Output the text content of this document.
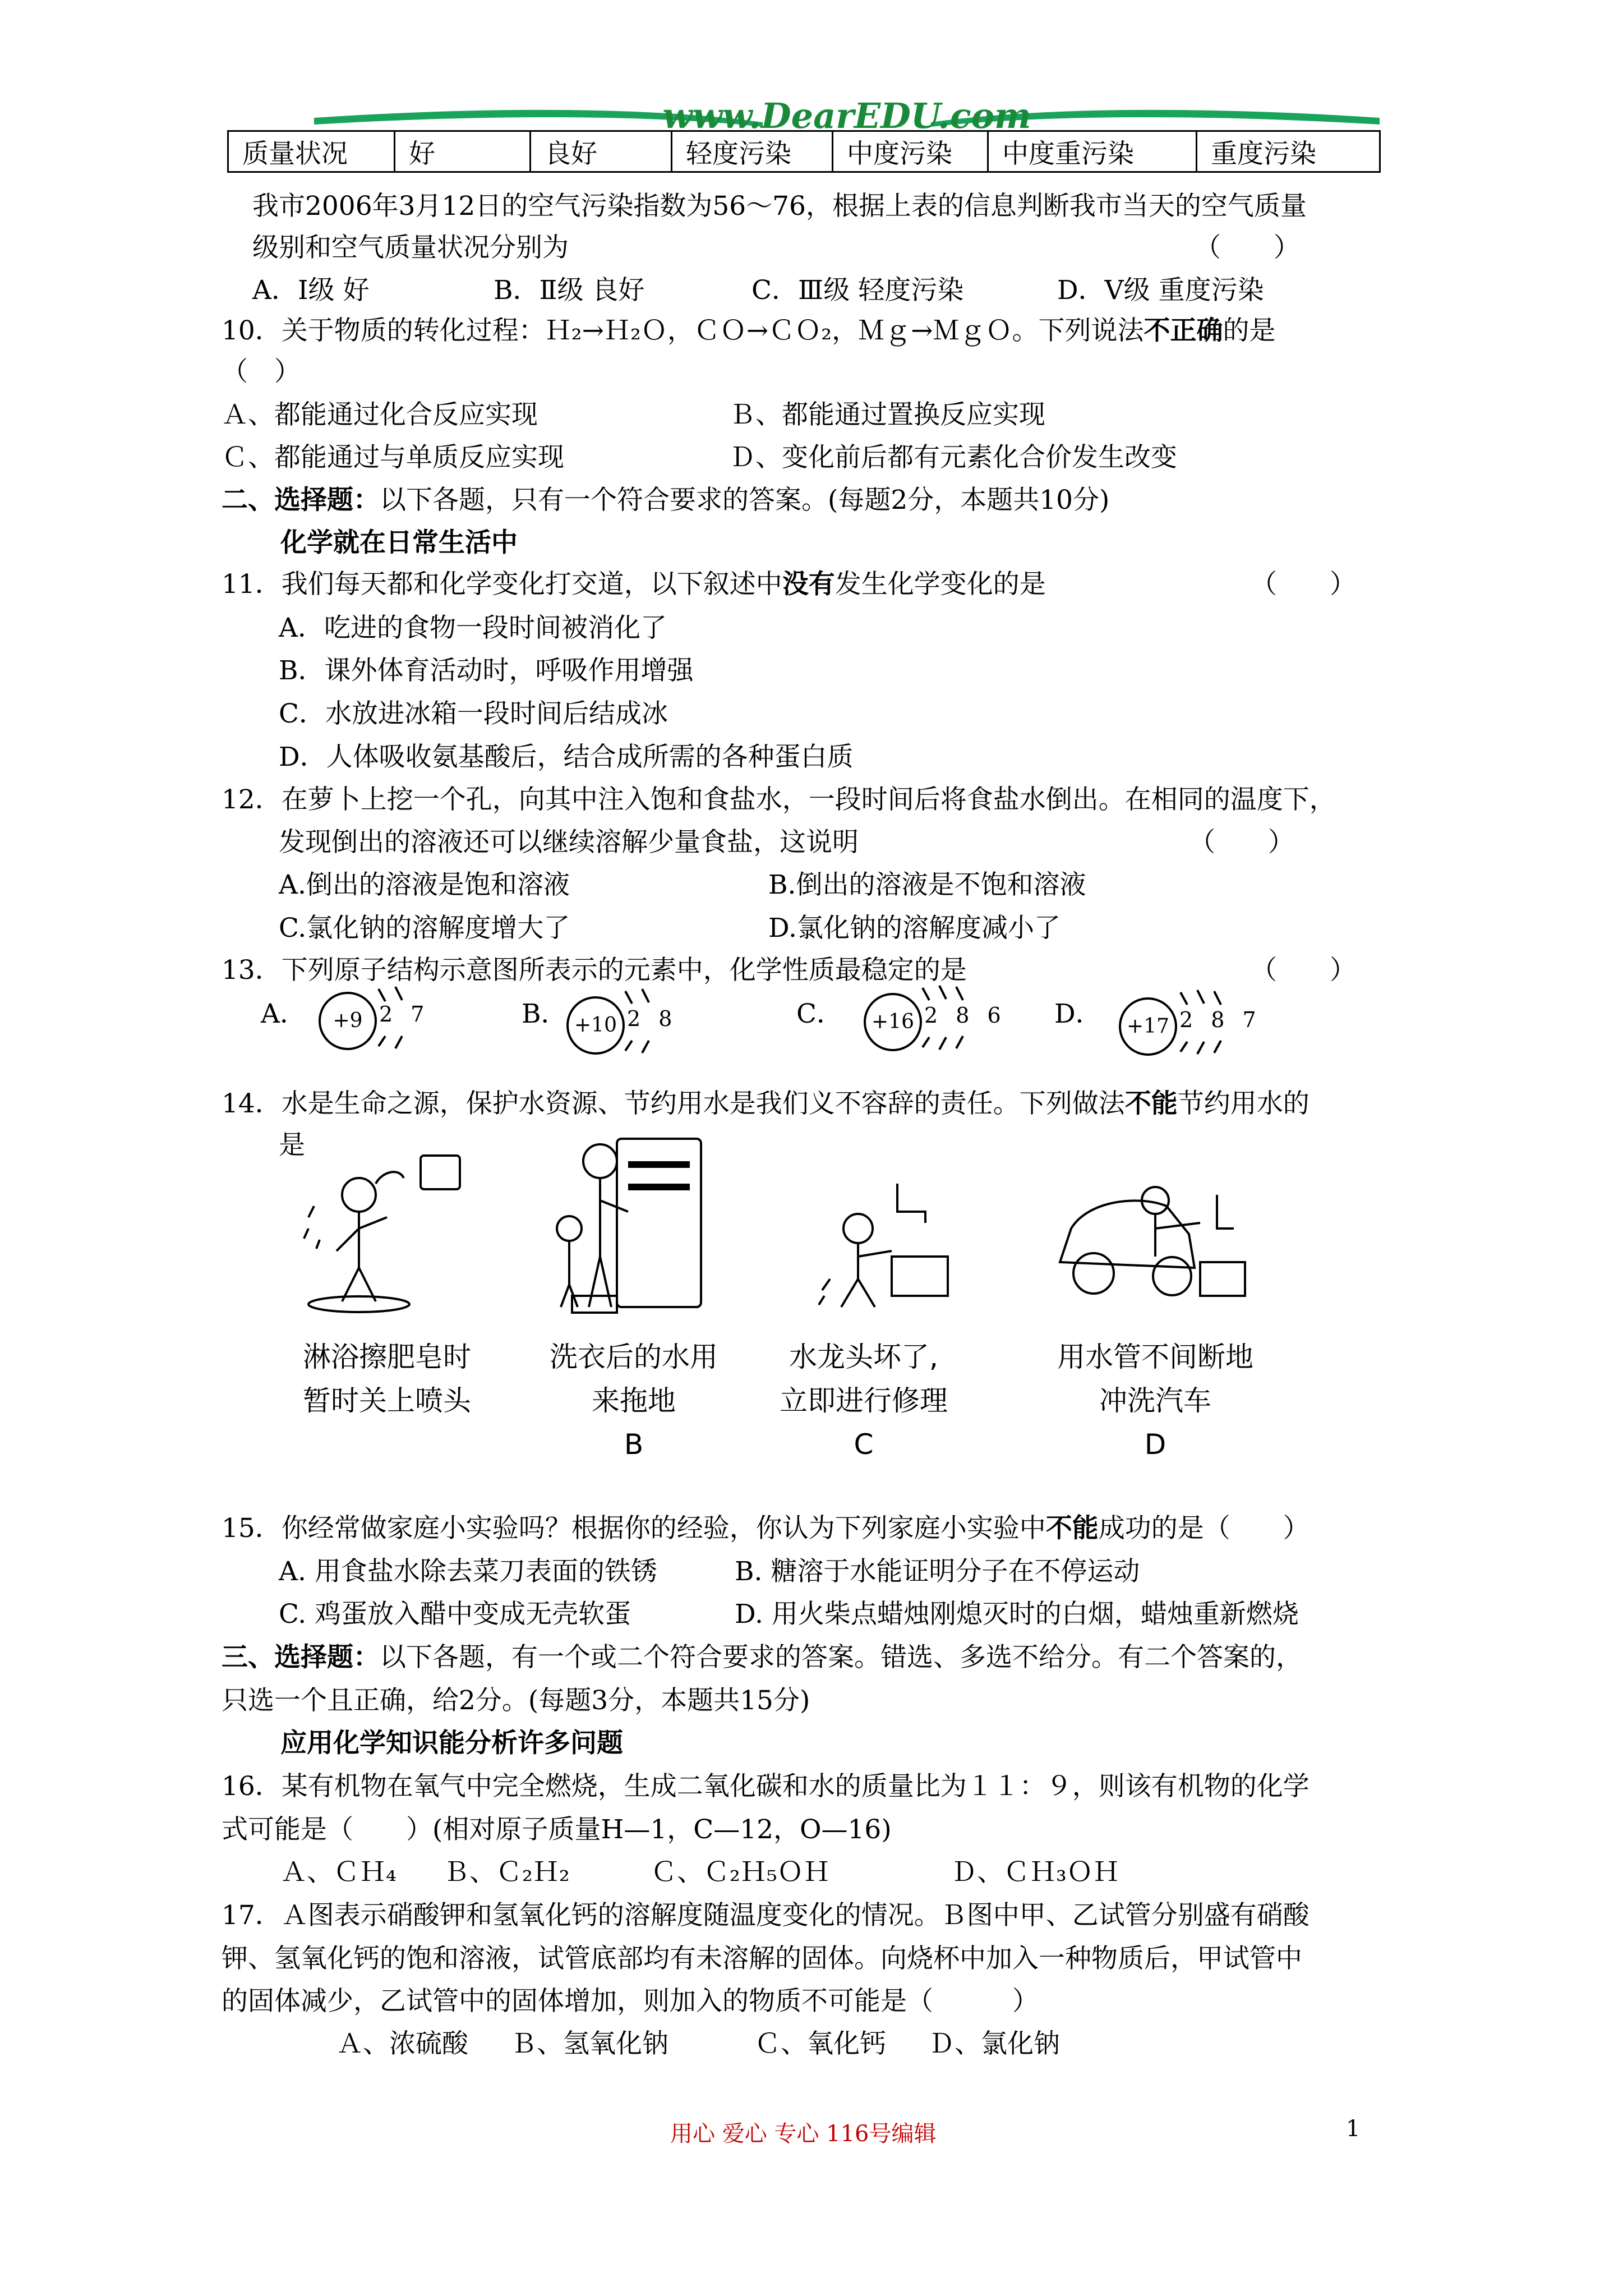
www.DearEDU.com
质量状况	好	良好	轻度污染	中度污染	中度重污染	重度污染
我市2006年3月12日的空气污染指数为56～76，根据上表的信息判断我市当天的空气质量
级别和空气质量状况分别为	（　　）
A．Ⅰ级 好	B．Ⅱ级 良好	C．Ⅲ级 轻度污染	D．Ⅴ级 重度污染
10．关于物质的转化过程：Ｈ₂→Ｈ₂Ｏ，ＣＯ→ＣＯ₂，Ｍｇ→ＭｇＯ。下列说法不正确的是
（　）
Ａ、都能通过化合反应实现	Ｂ、都能通过置换反应实现
Ｃ、都能通过与单质反应实现	Ｄ、变化前后都有元素化合价发生改变
二、选择题：以下各题，只有一个符合要求的答案。(每题2分，本题共10分)
化学就在日常生活中
11．我们每天都和化学变化打交道，以下叙述中没有发生化学变化的是	（　　）
A．吃进的食物一段时间被消化了
B．课外体育活动时，呼吸作用增强
C．水放进冰箱一段时间后结成冰
D．人体吸收氨基酸后，结合成所需的各种蛋白质
12．在萝卜上挖一个孔，向其中注入饱和食盐水，一段时间后将食盐水倒出。在相同的温度下，
发现倒出的溶液还可以继续溶解少量食盐，这说明	（　　）
A.倒出的溶液是饱和溶液	B.倒出的溶液是不饱和溶液
C.氯化钠的溶解度增大了	D.氯化钠的溶解度减小了
13．下列原子结构示意图所表示的元素中，化学性质最稳定的是	（　　）
A．	+9 2 7	B． +10 2 8	C．	+16 2 8 6 D．	+17 2 8 7
14．水是生命之源，保护水资源、节约用水是我们义不容辞的责任。下列做法不能节约用水的
是
淋浴擦肥皂时
暂时关上喷头
洗衣后的水用
来拖地
B
水龙头坏了,
立即进行修理
C
用水管不间断地
冲洗汽车
D
15．你经常做家庭小实验吗？根据你的经验，你认为下列家庭小实验中不能成功的是（　　）
A. 用食盐水除去菜刀表面的铁锈	B. 糖溶于水能证明分子在不停运动
C. 鸡蛋放入醋中变成无壳软蛋	D. 用火柴点蜡烛刚熄灭时的白烟，蜡烛重新燃烧
三、选择题：以下各题，有一个或二个符合要求的答案。错选、多选不给分。有二个答案的，
只选一个且正确，给2分。(每题3分，本题共15分)
应用化学知识能分析许多问题
16．某有机物在氧气中完全燃烧，生成二氧化碳和水的质量比为１１：９，则该有机物的化学
式可能是（　　）(相对原子质量H—1，C—12，O—16)
Ａ、ＣＨ₄ Ｂ、Ｃ₂Ｈ₂	Ｃ、Ｃ₂Ｈ₅ＯＨ	Ｄ、ＣＨ₃ＯＨ
17．Ａ图表示硝酸钾和氢氧化钙的溶解度随温度变化的情况。Ｂ图中甲、乙试管分别盛有硝酸
钾、氢氧化钙的饱和溶液，试管底部均有未溶解的固体。向烧杯中加入一种物质后，甲试管中
的固体减少，乙试管中的固体增加，则加入的物质不可能是（　　　）
Ａ、浓硫酸 Ｂ、氢氧化钠	Ｃ、氧化钙 Ｄ、氯化钠
用心 爱心 专心 116号编辑	1
